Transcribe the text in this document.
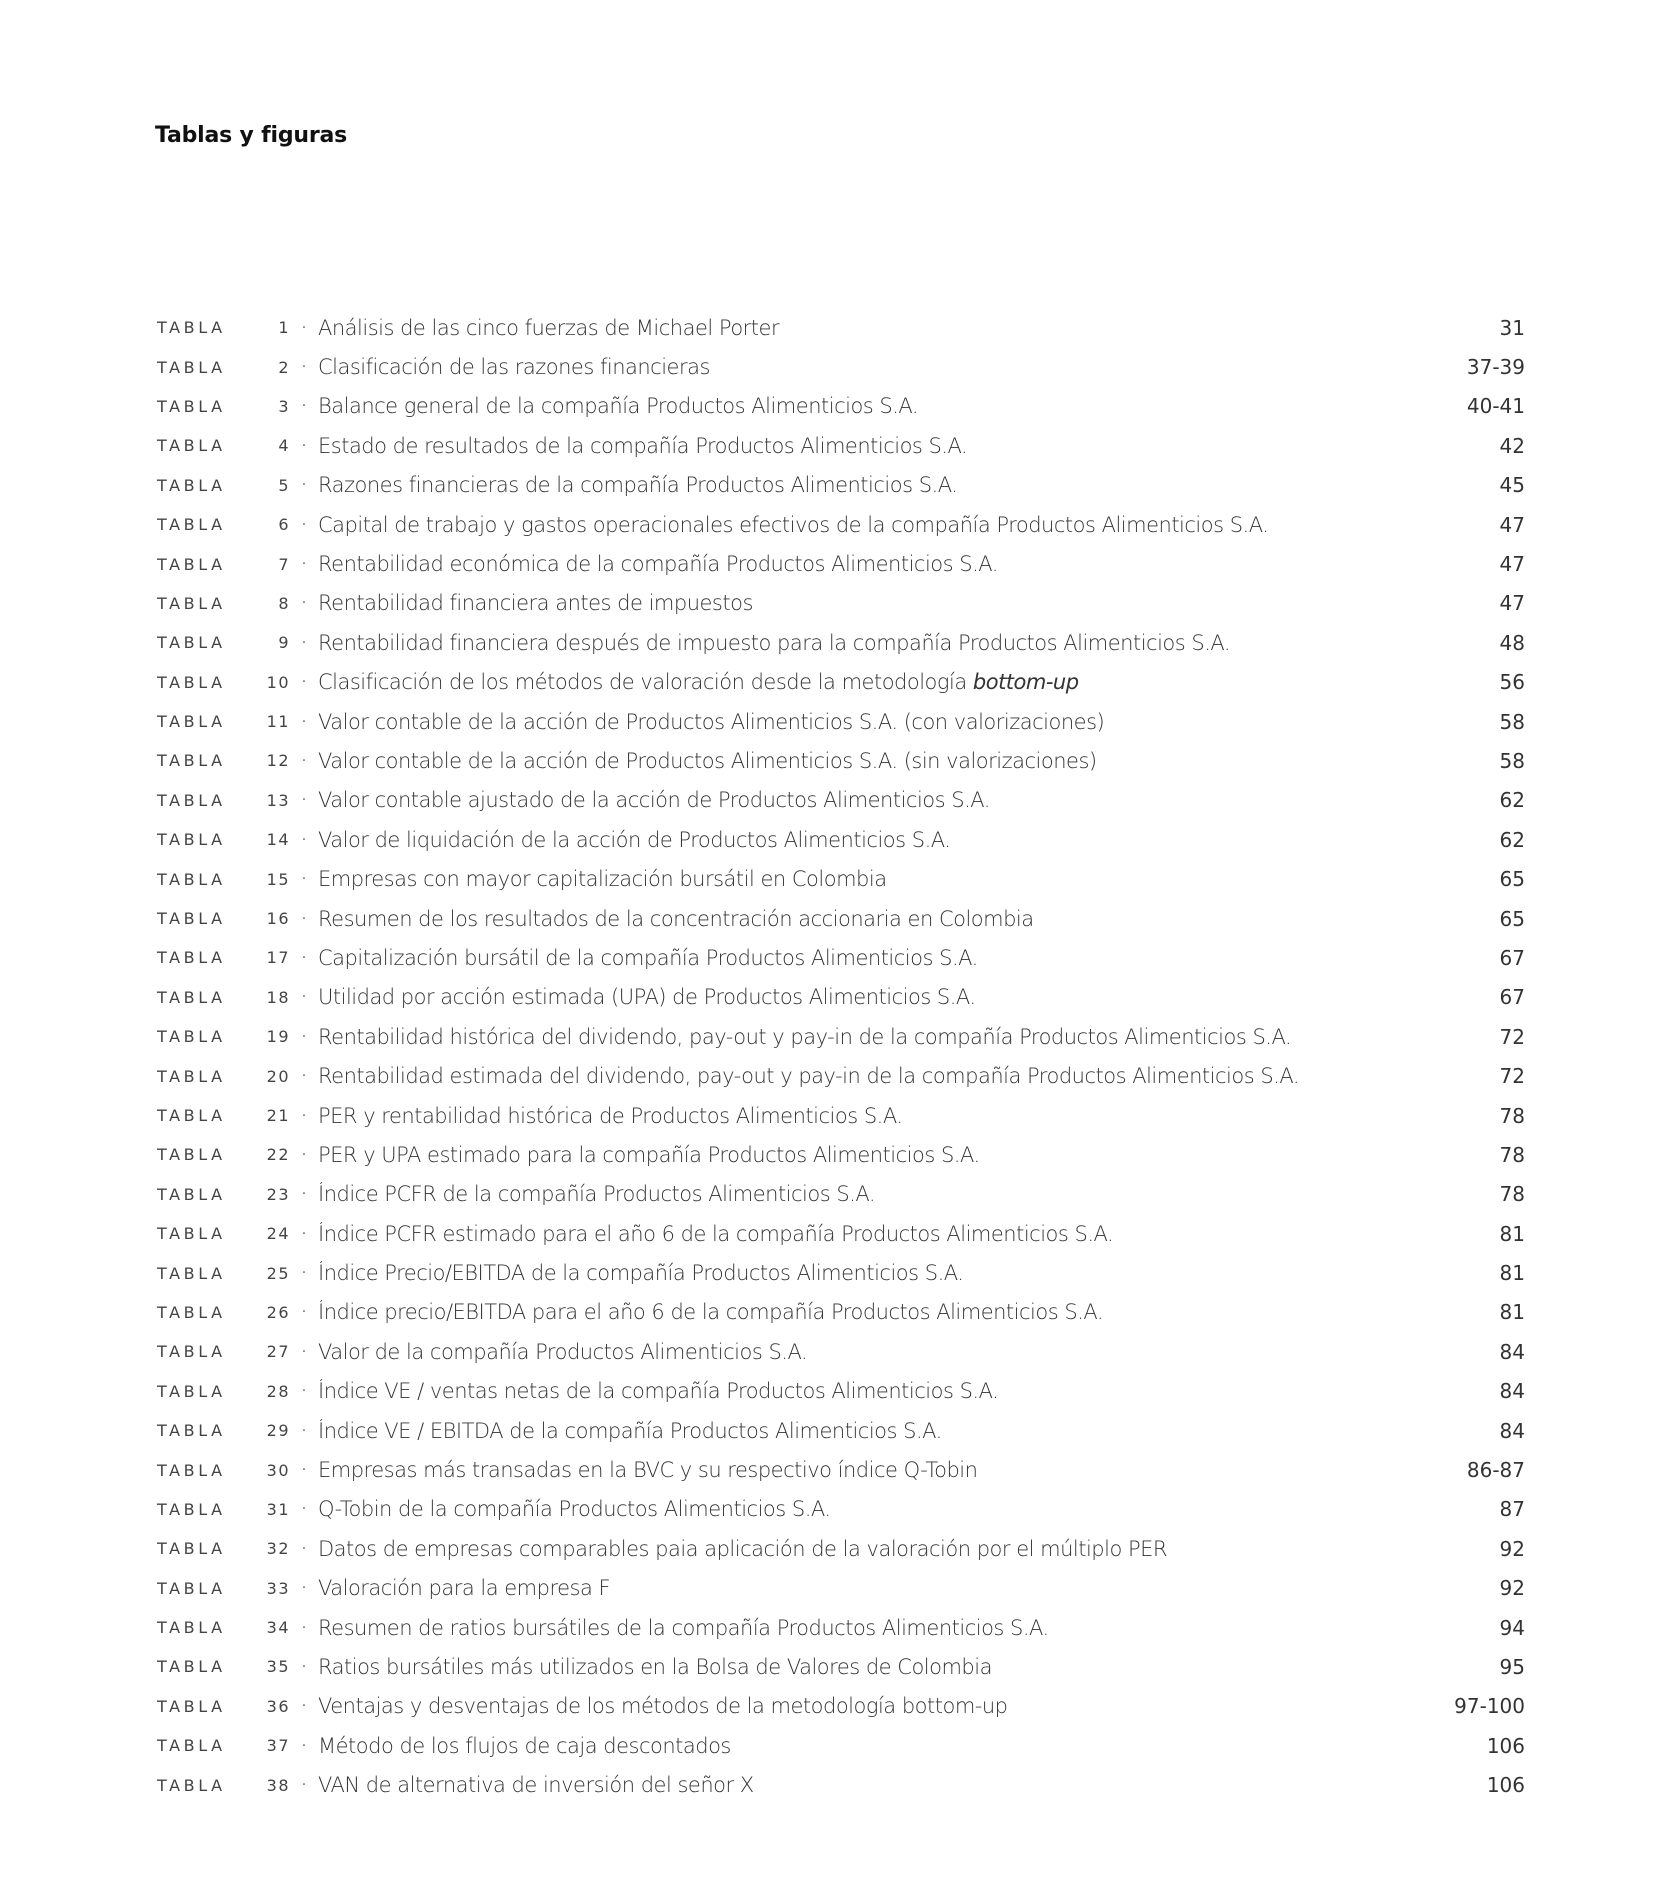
Tablas y figuras
TABLA	1 · Análisis de las cinco fuerzas de Michael Porter	31
TABLA	2 · Clasificación de las razones financieras	37-39
TABLA	3 · Balance general de la compañía Productos Alimenticios S.A.	40-41
TABLA	4 · Estado de resultados de la compañía Productos Alimenticios S.A.	42
TABLA	5 · Razones financieras de la compañía Productos Alimenticios S.A.	45
TABLA	6 · Capital de trabajo y gastos operacionales efectivos de la compañía Productos Alimenticios S.A.	47
TABLA	7 · Rentabilidad económica de la compañía Productos Alimenticios S.A.	47
TABLA	8 · Rentabilidad financiera antes de impuestos	47
TABLA	9 · Rentabilidad financiera después de impuesto para la compañía Productos Alimenticios S.A.	48
TABLA	10 · Clasificación de los métodos de valoración desde la metodología bottom-up	56
TABLA	11 · Valor contable de la acción de Productos Alimenticios S.A. (con valorizaciones)	58
TABLA	12 · Valor contable de la acción de Productos Alimenticios S.A. (sin valorizaciones)	58
TABLA	13 · Valor contable ajustado de la acción de Productos Alimenticios S.A.	62
TABLA	14 · Valor de liquidación de la acción de Productos Alimenticios S.A.	62
TABLA	15 · Empresas con mayor capitalización bursátil en Colombia	65
TABLA	16 · Resumen de los resultados de la concentración accionaria en Colombia	65
TABLA	17 · Capitalización bursátil de la compañía Productos Alimenticios S.A.	67
TABLA	18 · Utilidad por acción estimada (UPA) de Productos Alimenticios S.A.	67
TABLA	19 · Rentabilidad histórica del dividendo, pay-out y pay-in de la compañía Productos Alimenticios S.A.	72
TABLA	20 · Rentabilidad estimada del dividendo, pay-out y pay-in de la compañía Productos Alimenticios S.A.	72
TABLA	21 · PER y rentabilidad histórica de Productos Alimenticios S.A.	78
TABLA	22 · PER y UPA estimado para la compañía Productos Alimenticios S.A.	78
TABLA	23 · Índice PCFR de la compañía Productos Alimenticios S.A.	78
TABLA	24 · Índice PCFR estimado para el año 6 de la compañía Productos Alimenticios S.A.	81
TABLA	25 · Índice Precio/EBITDA de la compañía Productos Alimenticios S.A.	81
TABLA	26 · Índice precio/EBITDA para el año 6 de la compañía Productos Alimenticios S.A.	81
TABLA	27 · Valor de la compañía Productos Alimenticios S.A.	84
TABLA	28 · Índice VE / ventas netas de la compañía Productos Alimenticios S.A.	84
TABLA	29 · Índice VE / EBITDA de la compañía Productos Alimenticios S.A.	84
TABLA	30 · Empresas más transadas en la BVC y su respectivo índice Q-Tobin	86-87
TABLA	31 · Q-Tobin de la compañía Productos Alimenticios S.A.	87
TABLA	32 · Datos de empresas comparables paia aplicación de la valoración por el múltiplo PER	92
TABLA	33 · Valoración para la empresa F	92
TABLA	34 · Resumen de ratios bursátiles de la compañía Productos Alimenticios S.A.	94
TABLA	35 · Ratios bursátiles más utilizados en la Bolsa de Valores de Colombia	95
TABLA	36 · Ventajas y desventajas de los métodos de la metodología bottom-up	97-100
TABLA	37 · Método de los flujos de caja descontados	106
TABLA	38 · VAN de alternativa de inversión del señor X	106
